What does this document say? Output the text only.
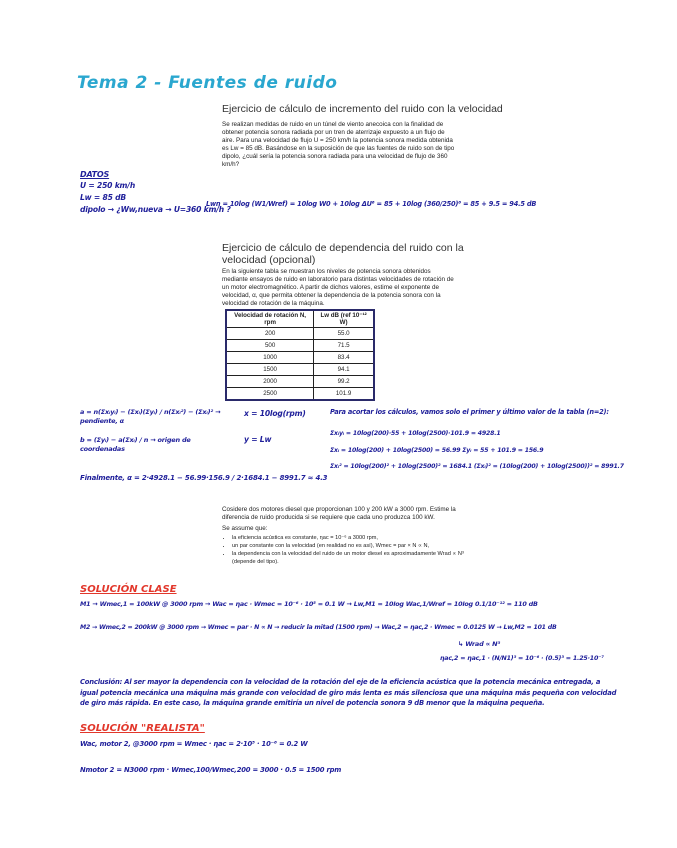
Tema 2 - Fuentes de ruido
Ejercicio de cálculo de incremento del ruido con la velocidad
Se realizan medidas de ruido en un túnel de viento anecoica con la finalidad de obtener potencia sonora radiada por un tren de aterrizaje expuesto a un flujo de aire. Para una velocidad de flujo U = 250 km/h la potencia sonora medida obtenida es Lw = 85 dB. Basándose en la suposición de que las fuentes de ruido son de tipo dipolo, ¿cuál sería la potencia sonora radiada para una velocidad de flujo de 360 km/h?
DATOS
U = 250 km/h
Lw = 85 dB
dipolo → ¿Ww,nueva → U=360 km/h ?
Lwn = 10log (W1/Wref) = 10log W0 + 10log ΔU⁶ = 85 + 10log (360/250)⁶ = 85 + 9.5 = 94.5 dB
Ejercicio de cálculo de dependencia del ruido con la velocidad (opcional)
En la siguiente tabla se muestran los niveles de potencia sonora obtenidos mediante ensayos de ruido en laboratorio para distintas velocidades de rotación de un motor electromagnético. A partir de dichos valores, estime el exponente de velocidad, α, que permita obtener la dependencia de la potencia sonora con la velocidad de rotación de la máquina.
Velocidad de rotación N, rpm	Lw dB (ref 10⁻¹² W)
200	55.0
500	71.5
1000	83.4
1500	94.1
2000	99.2
2500	101.9
a = n(Σxᵢyᵢ) − (Σxᵢ)(Σyᵢ) / n(Σxᵢ²) − (Σxᵢ)² → pendiente, α
b = (Σyᵢ) − a(Σxᵢ) / n → origen de coordenadas
x = 10log(rpm)
y = Lw
Para acortar los cálculos, vamos solo el primer y último valor de la tabla (n=2):
Σxᵢyᵢ = 10log(200)·55 + 10log(2500)·101.9 = 4928.1
Σxᵢ = 10log(200) + 10log(2500) = 56.99 Σyᵢ = 55 + 101.9 = 156.9
Σxᵢ² = 10log(200)² + 10log(2500)² = 1684.1 (Σxᵢ)² = (10log(200) + 10log(2500))² = 8991.7
Finalmente, α = 2·4928.1 − 56.99·156.9 / 2·1684.1 − 8991.7 ≈ 4.3
Cosidere dos motores diesel que proporcionan 100 y 200 kW a 3000 rpm. Estime la diferencia de ruido producida si se requiere que cada uno produzca 100 kW.
Se assume que:
• la eficiencia acústica es constante, ηac = 10⁻⁶ a 3000 rpm,
• un par constante con la velocidad (en realidad no es así), Wmec = par × N ∝ N,
• la dependencia con la velocidad del ruido de un motor diesel es aproximadamente Wrad ∝ N³ (depende del tipo).
SOLUCIÓN CLASE
M1 → Wmec,1 = 100kW @ 3000 rpm → Wac = ηac · Wmec = 10⁻⁶ · 10⁵ = 0.1 W → Lw,M1 = 10log Wac,1/Wref = 10log 0.1/10⁻¹² = 110 dB
M2 → Wmec,2 = 200kW @ 3000 rpm → Wmec = par · N ∝ N → reducir la mitad (1500 rpm) → Wac,2 = ηac,2 · Wmec = 0.0125 W → Lw,M2 = 101 dB
↳ Wrad ∝ N³
ηac,2 = ηac,1 · (N/N1)³ = 10⁻⁶ · (0.5)³ = 1.25·10⁻⁷
Conclusión: Al ser mayor la dependencia con la velocidad de la rotación del eje de la eficiencia acústica que la potencia mecánica entregada, a igual potencia mecánica una máquina más grande con velocidad de giro más lenta es más silenciosa que una máquina más pequeña con velocidad de giro más rápida. En este caso, la máquina grande emitiría un nivel de potencia sonora 9 dB menor que la máquina pequeña.
SOLUCIÓN "REALISTA"
Wac, motor 2, @3000 rpm = Wmec · ηac = 2·10⁵ · 10⁻⁶ = 0.2 W
Nmotor 2 = N3000 rpm · Wmec,100/Wmec,200 = 3000 · 0.5 = 1500 rpm
